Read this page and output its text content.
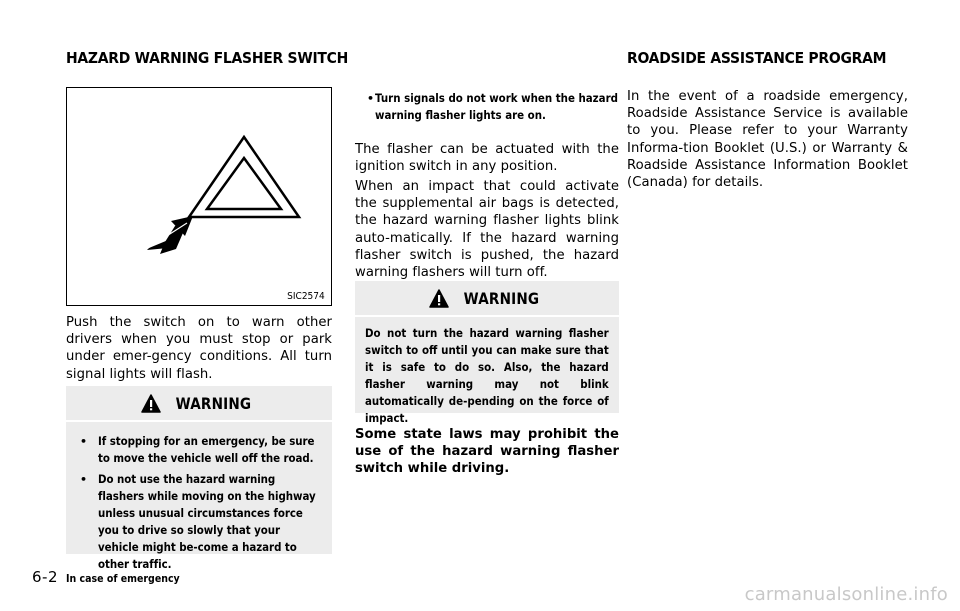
HAZARD WARNING FLASHER SWITCH	ROADSIDE ASSISTANCE PROGRAM
SIC2574

Push the switch on to warn other drivers when you must stop or park under emer-gency conditions. All turn signal lights will flash.

WARNING
• If stopping for an emergency, be sure to move the vehicle well off the road.
• Do not use the hazard warning flashers while moving on the highway unless unusual circumstances force you to drive so slowly that your vehicle might be-come a hazard to other traffic.
• Turn signals do not work when the hazard warning flasher lights are on.

The flasher can be actuated with the ignition switch in any position.

When an impact that could activate the supplemental air bags is detected, the hazard warning flasher lights blink auto-matically. If the hazard warning flasher switch is pushed, the hazard warning flashers will turn off.

WARNING
Do not turn the hazard warning flasher switch to off until you can make sure that it is safe to do so. Also, the hazard flasher warning may not blink automatically de-pending on the force of impact.

Some state laws may prohibit the use of the hazard warning flasher switch while driving.

In the event of a roadside emergency, Roadside Assistance Service is available to you. Please refer to your Warranty Informa-tion Booklet (U.S.) or Warranty & Roadside Assistance Information Booklet (Canada) for details.

6-2 In case of emergency
carmanualsonline.info
